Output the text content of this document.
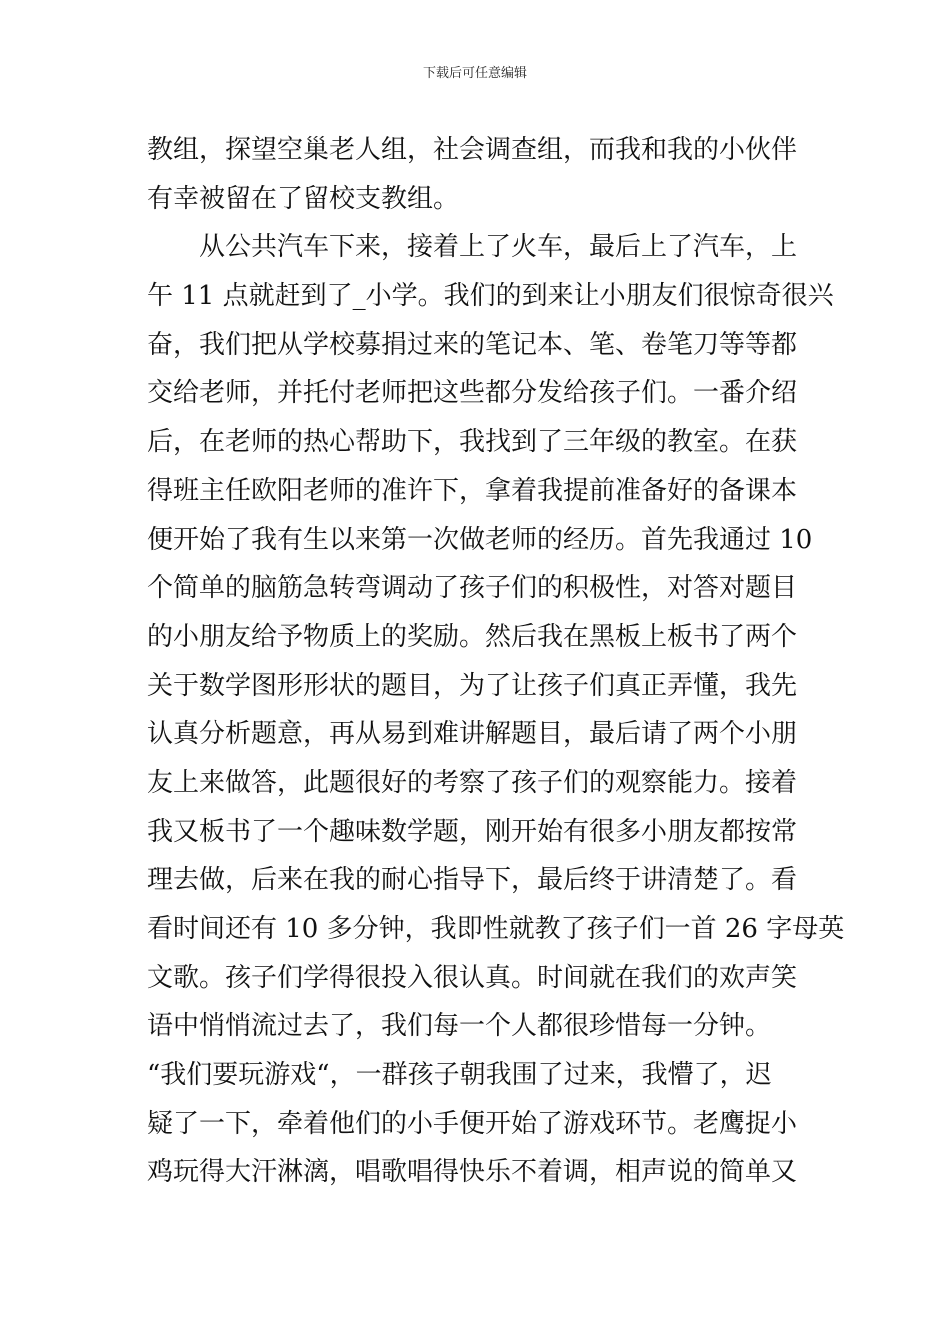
下载后可任意编辑
教组，探望空巢老人组，社会调查组，而我和我的小伙伴
有幸被留在了留校支教组。
　　从公共汽车下来，接着上了火车，最后上了汽车，上
午 11 点就赶到了_小学。我们的到来让小朋友们很惊奇很兴
奋，我们把从学校募捐过来的笔记本、笔、卷笔刀等等都
交给老师，并托付老师把这些都分发给孩子们。一番介绍
后，在老师的热心帮助下，我找到了三年级的教室。在获
得班主任欧阳老师的准许下，拿着我提前准备好的备课本
便开始了我有生以来第一次做老师的经历。首先我通过 10
个简单的脑筋急转弯调动了孩子们的积极性，对答对题目
的小朋友给予物质上的奖励。然后我在黑板上板书了两个
关于数学图形形状的题目，为了让孩子们真正弄懂，我先
认真分析题意，再从易到难讲解题目，最后请了两个小朋
友上来做答，此题很好的考察了孩子们的观察能力。接着
我又板书了一个趣味数学题，刚开始有很多小朋友都按常
理去做，后来在我的耐心指导下，最后终于讲清楚了。看
看时间还有 10 多分钟，我即性就教了孩子们一首 26 字母英
文歌。孩子们学得很投入很认真。时间就在我们的欢声笑
语中悄悄流过去了，我们每一个人都很珍惜每一分钟。
“我们要玩游戏“，一群孩子朝我围了过来，我懵了，迟
疑了一下，牵着他们的小手便开始了游戏环节。老鹰捉小
鸡玩得大汗淋漓，唱歌唱得快乐不着调，相声说的简单又
